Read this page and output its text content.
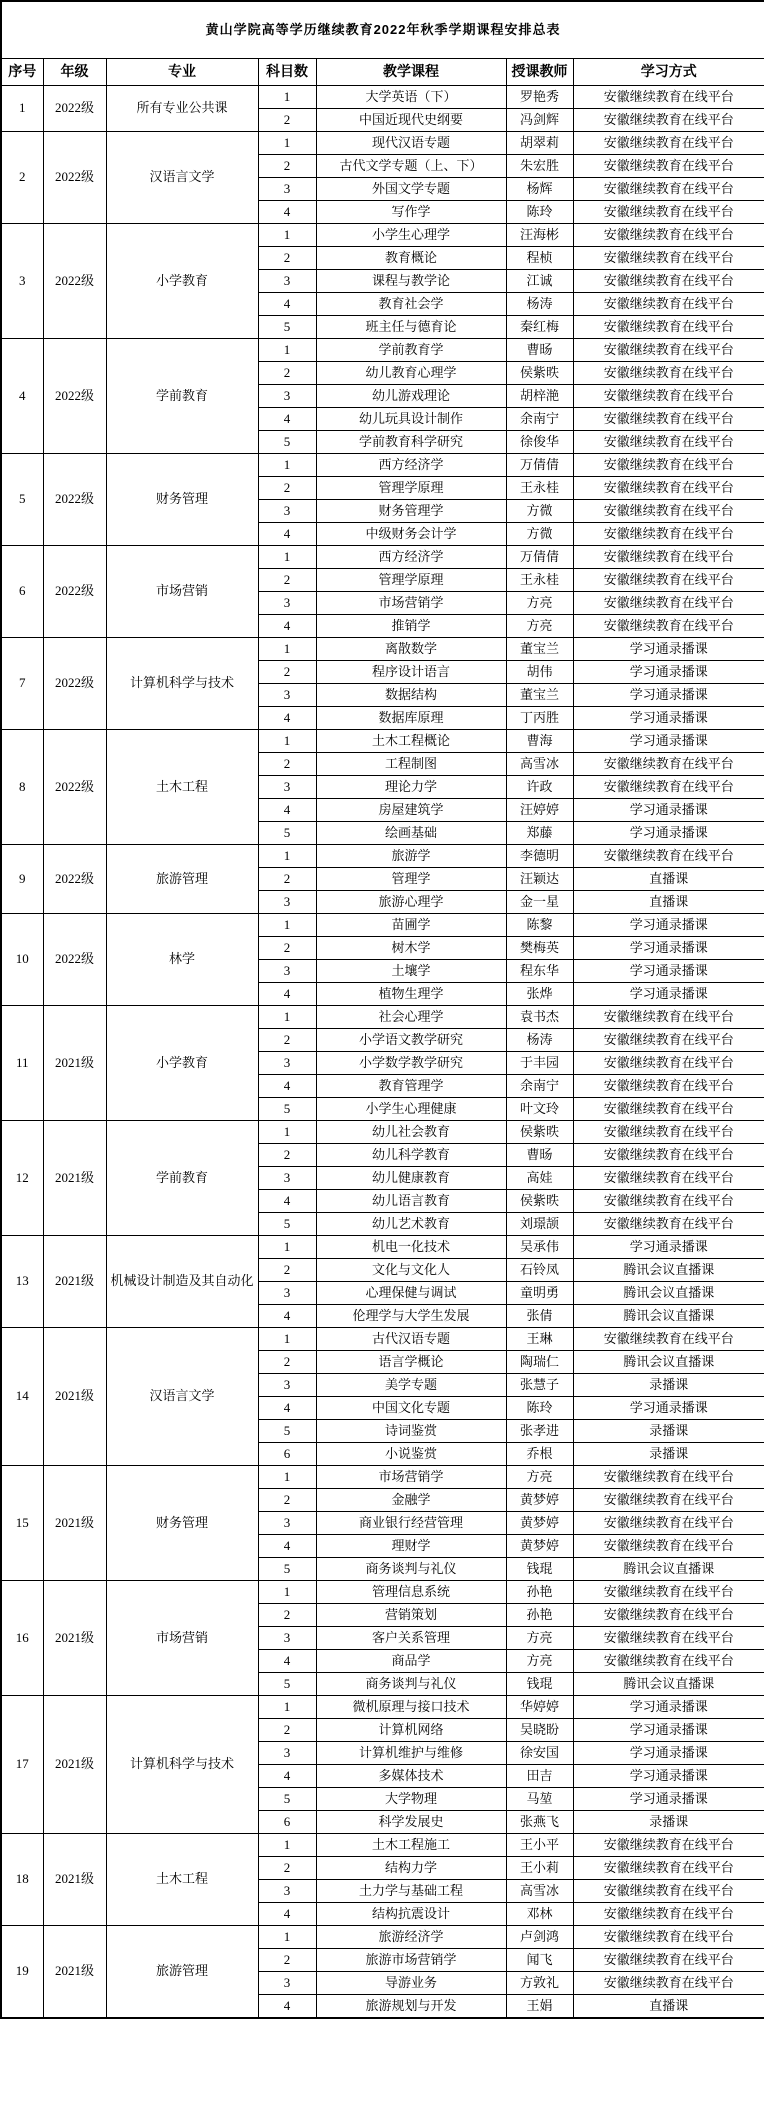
黄山学院高等学历继续教育2022年秋季学期课程安排总表						
序号	年级	专业	科目数	教学课程	授课教师	学习方式
1	2022级	所有专业公共课	1	大学英语（下）	罗艳秀	安徽继续教育在线平台
			2	中国近现代史纲要	冯剑辉	安徽继续教育在线平台
2	2022级	汉语言文学	1	现代汉语专题	胡翠莉	安徽继续教育在线平台
			2	古代文学专题（上、下）	朱宏胜	安徽继续教育在线平台
			3	外国文学专题	杨辉	安徽继续教育在线平台
			4	写作学	陈玲	安徽继续教育在线平台
3	2022级	小学教育	1	小学生心理学	汪海彬	安徽继续教育在线平台
			2	教育概论	程桢	安徽继续教育在线平台
			3	课程与教学论	江诚	安徽继续教育在线平台
			4	教育社会学	杨涛	安徽继续教育在线平台
			5	班主任与德育论	秦红梅	安徽继续教育在线平台
4	2022级	学前教育	1	学前教育学	曹旸	安徽继续教育在线平台
			2	幼儿教育心理学	侯紫昳	安徽继续教育在线平台
			3	幼儿游戏理论	胡梓滟	安徽继续教育在线平台
			4	幼儿玩具设计制作	余南宁	安徽继续教育在线平台
			5	学前教育科学研究	徐俊华	安徽继续教育在线平台
5	2022级	财务管理	1	西方经济学	万倩倩	安徽继续教育在线平台
			2	管理学原理	王永桂	安徽继续教育在线平台
			3	财务管理学	方微	安徽继续教育在线平台
			4	中级财务会计学	方微	安徽继续教育在线平台
6	2022级	市场营销	1	西方经济学	万倩倩	安徽继续教育在线平台
			2	管理学原理	王永桂	安徽继续教育在线平台
			3	市场营销学	方亮	安徽继续教育在线平台
			4	推销学	方亮	安徽继续教育在线平台
7	2022级	计算机科学与技术	1	离散数学	董宝兰	学习通录播课
			2	程序设计语言	胡伟	学习通录播课
			3	数据结构	董宝兰	学习通录播课
			4	数据库原理	丁丙胜	学习通录播课
8	2022级	土木工程	1	土木工程概论	曹海	学习通录播课
			2	工程制图	高雪冰	安徽继续教育在线平台
			3	理论力学	许政	安徽继续教育在线平台
			4	房屋建筑学	汪婷婷	学习通录播课
			5	绘画基础	郑藤	学习通录播课
9	2022级	旅游管理	1	旅游学	李德明	安徽继续教育在线平台
			2	管理学	汪颖达	直播课
			3	旅游心理学	金一星	直播课
10	2022级	林学	1	苗圃学	陈黎	学习通录播课
			2	树木学	樊梅英	学习通录播课
			3	土壤学	程东华	学习通录播课
			4	植物生理学	张烨	学习通录播课
11	2021级	小学教育	1	社会心理学	袁书杰	安徽继续教育在线平台
			2	小学语文教学研究	杨涛	安徽继续教育在线平台
			3	小学数学教学研究	于丰园	安徽继续教育在线平台
			4	教育管理学	余南宁	安徽继续教育在线平台
			5	小学生心理健康	叶文玲	安徽继续教育在线平台
12	2021级	学前教育	1	幼儿社会教育	侯紫昳	安徽继续教育在线平台
			2	幼儿科学教育	曹旸	安徽继续教育在线平台
			3	幼儿健康教育	高娃	安徽继续教育在线平台
			4	幼儿语言教育	侯紫昳	安徽继续教育在线平台
			5	幼儿艺术教育	刘璟颉	安徽继续教育在线平台
13	2021级	机械设计制造及其自动化	1	机电一化技术	吴承伟	学习通录播课
			2	文化与文化人	石铃凤	腾讯会议直播课
			3	心理保健与调试	童明勇	腾讯会议直播课
			4	伦理学与大学生发展	张倩	腾讯会议直播课
14	2021级	汉语言文学	1	古代汉语专题	王琳	安徽继续教育在线平台
			2	语言学概论	陶瑞仁	腾讯会议直播课
			3	美学专题	张慧子	录播课
			4	中国文化专题	陈玲	学习通录播课
			5	诗词鉴赏	张孝进	录播课
			6	小说鉴赏	乔根	录播课
15	2021级	财务管理	1	市场营销学	方亮	安徽继续教育在线平台
			2	金融学	黄梦婷	安徽继续教育在线平台
			3	商业银行经营管理	黄梦婷	安徽继续教育在线平台
			4	理财学	黄梦婷	安徽继续教育在线平台
			5	商务谈判与礼仪	钱琨	腾讯会议直播课
16	2021级	市场营销	1	管理信息系统	孙艳	安徽继续教育在线平台
			2	营销策划	孙艳	安徽继续教育在线平台
			3	客户关系管理	方亮	安徽继续教育在线平台
			4	商品学	方亮	安徽继续教育在线平台
			5	商务谈判与礼仪	钱琨	腾讯会议直播课
17	2021级	计算机科学与技术	1	微机原理与接口技术	华婷婷	学习通录播课
			2	计算机网络	吴晓盼	学习通录播课
			3	计算机维护与维修	徐安国	学习通录播课
			4	多媒体技术	田吉	学习通录播课
			5	大学物理	马堃	学习通录播课
			6	科学发展史	张燕飞	录播课
18	2021级	土木工程	1	土木工程施工	王小平	安徽继续教育在线平台
			2	结构力学	王小莉	安徽继续教育在线平台
			3	土力学与基础工程	高雪冰	安徽继续教育在线平台
			4	结构抗震设计	邓林	安徽继续教育在线平台
19	2021级	旅游管理	1	旅游经济学	卢剑鸿	安徽继续教育在线平台
			2	旅游市场营销学	闻飞	安徽继续教育在线平台
			3	导游业务	方敦礼	安徽继续教育在线平台
			4	旅游规划与开发	王娟	直播课
